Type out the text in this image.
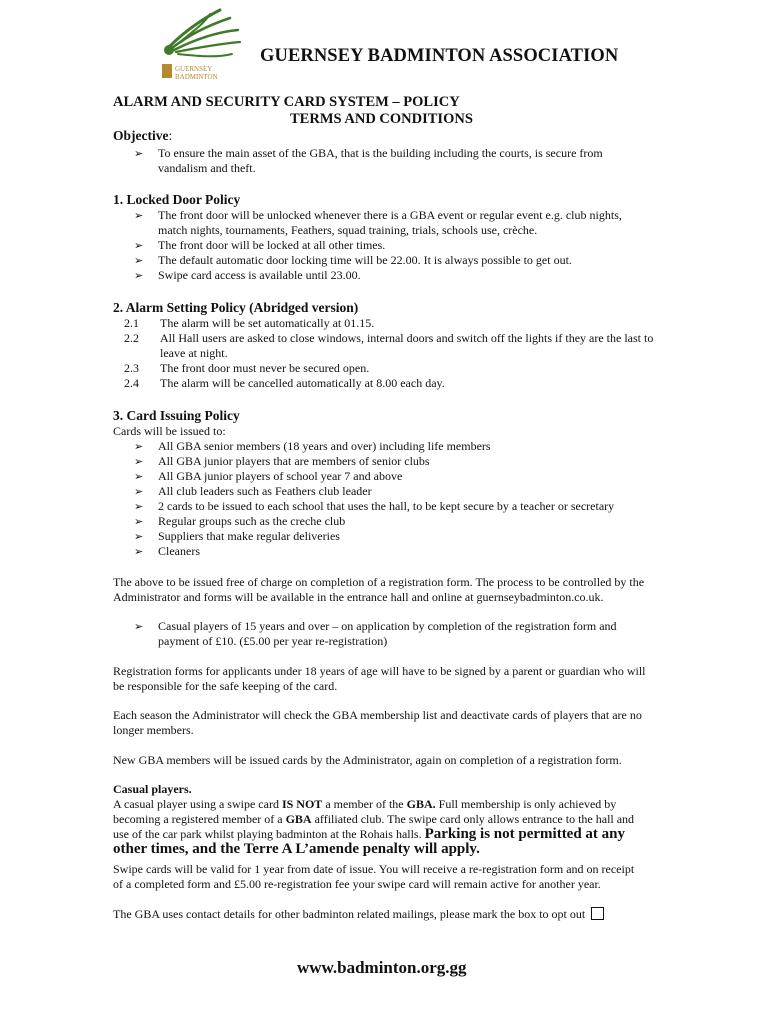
GUERNSEY
BADMINTON
GUERNSEY BADMINTON ASSOCIATION
ALARM AND SECURITY CARD SYSTEM – POLICY
TERMS AND CONDITIONS
Objective:
➢ To ensure the main asset of the GBA, that is the building including the courts, is secure from vandalism and theft.
1. Locked Door Policy
➢ The front door will be unlocked whenever there is a GBA event or regular event e.g. club nights, match nights, tournaments, Feathers, squad training, trials, schools use, crèche.
➢ The front door will be locked at all other times.
➢ The default automatic door locking time will be 22.00. It is always possible to get out.
➢ Swipe card access is available until 23.00.
2. Alarm Setting Policy (Abridged version)
2.1 The alarm will be set automatically at 01.15.
2.2 All Hall users are asked to close windows, internal doors and switch off the lights if they are the last to leave at night.
2.3 The front door must never be secured open.
2.4 The alarm will be cancelled automatically at 8.00 each day.
3. Card Issuing Policy
Cards will be issued to:
➢ All GBA senior members (18 years and over) including life members
➢ All GBA junior players that are members of senior clubs
➢ All GBA junior players of school year 7 and above
➢ All club leaders such as Feathers club leader
➢ 2 cards to be issued to each school that uses the hall, to be kept secure by a teacher or secretary
➢ Regular groups such as the creche club
➢ Suppliers that make regular deliveries
➢ Cleaners
The above to be issued free of charge on completion of a registration form. The process to be controlled by the Administrator and forms will be available in the entrance hall and online at guernseybadminton.co.uk.
➢ Casual players of 15 years and over – on application by completion of the registration form and payment of £10. (£5.00 per year re-registration)
Registration forms for applicants under 18 years of age will have to be signed by a parent or guardian who will be responsible for the safe keeping of the card.
Each season the Administrator will check the GBA membership list and deactivate cards of players that are no longer members.
New GBA members will be issued cards by the Administrator, again on completion of a registration form.
Casual players.
A casual player using a swipe card IS NOT a member of the GBA. Full membership is only achieved by becoming a registered member of a GBA affiliated club. The swipe card only allows entrance to the hall and use of the car park whilst playing badminton at the Rohais halls. Parking is not permitted at any other times, and the Terre A L’amende penalty will apply.
Swipe cards will be valid for 1 year from date of issue. You will receive a re-registration form and on receipt of a completed form and £5.00 re-registration fee your swipe card will remain active for another year.
The GBA uses contact details for other badminton related mailings, please mark the box to opt out
www.badminton.org.gg
